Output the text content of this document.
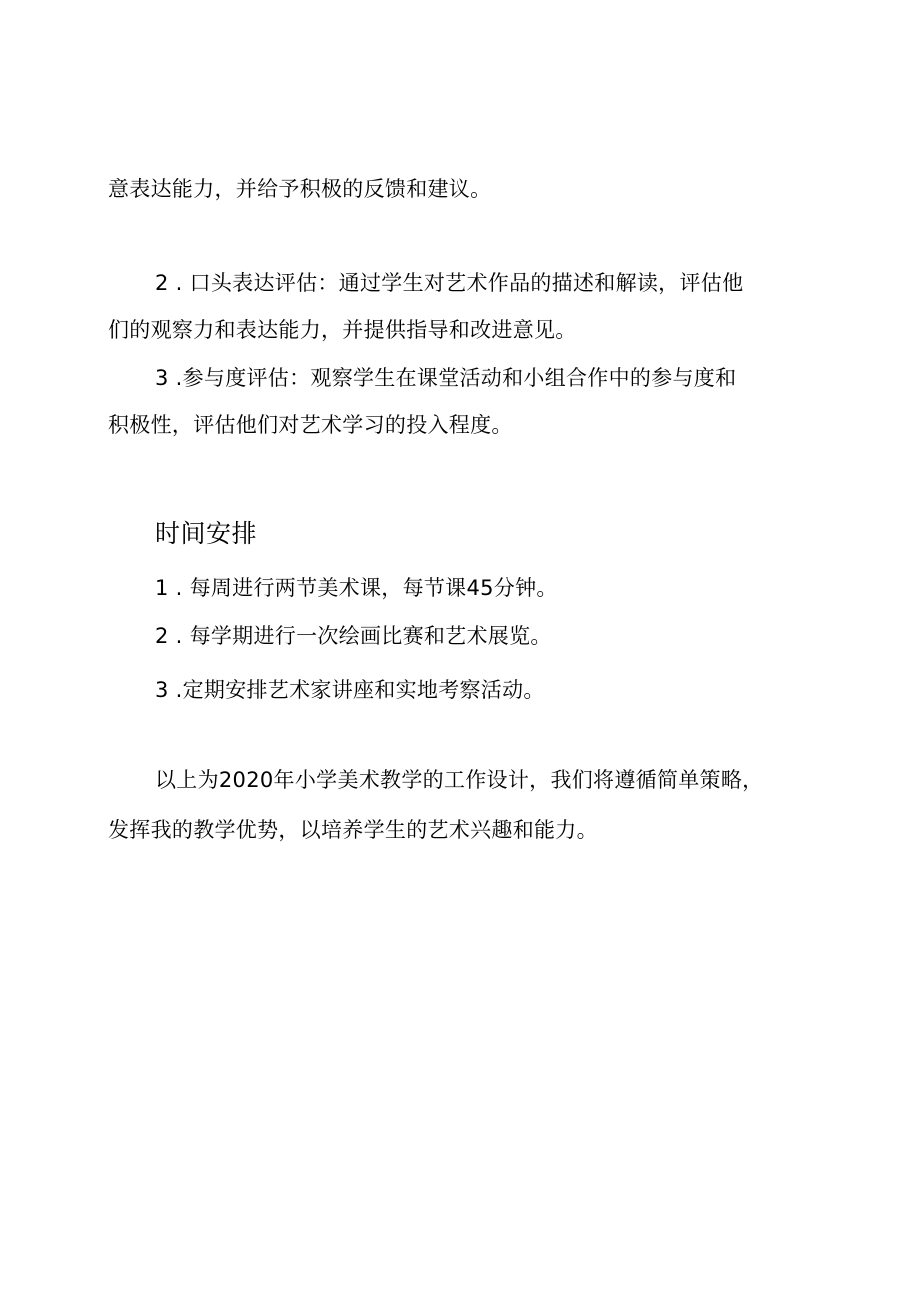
意表达能力，并给予积极的反馈和建议。
2 . 口头表达评估：通过学生对艺术作品的描述和解读，评估他
们的观察力和表达能力，并提供指导和改进意见。
3 .参与度评估：观察学生在课堂活动和小组合作中的参与度和
积极性，评估他们对艺术学习的投入程度。
时间安排
1 . 每周进行两节美术课，每节课45分钟。
2 . 每学期进行一次绘画比赛和艺术展览。
3 .定期安排艺术家讲座和实地考察活动。
以上为2020年小学美术教学的工作设计，我们将遵循简单策略，
发挥我的教学优势，以培养学生的艺术兴趣和能力。
